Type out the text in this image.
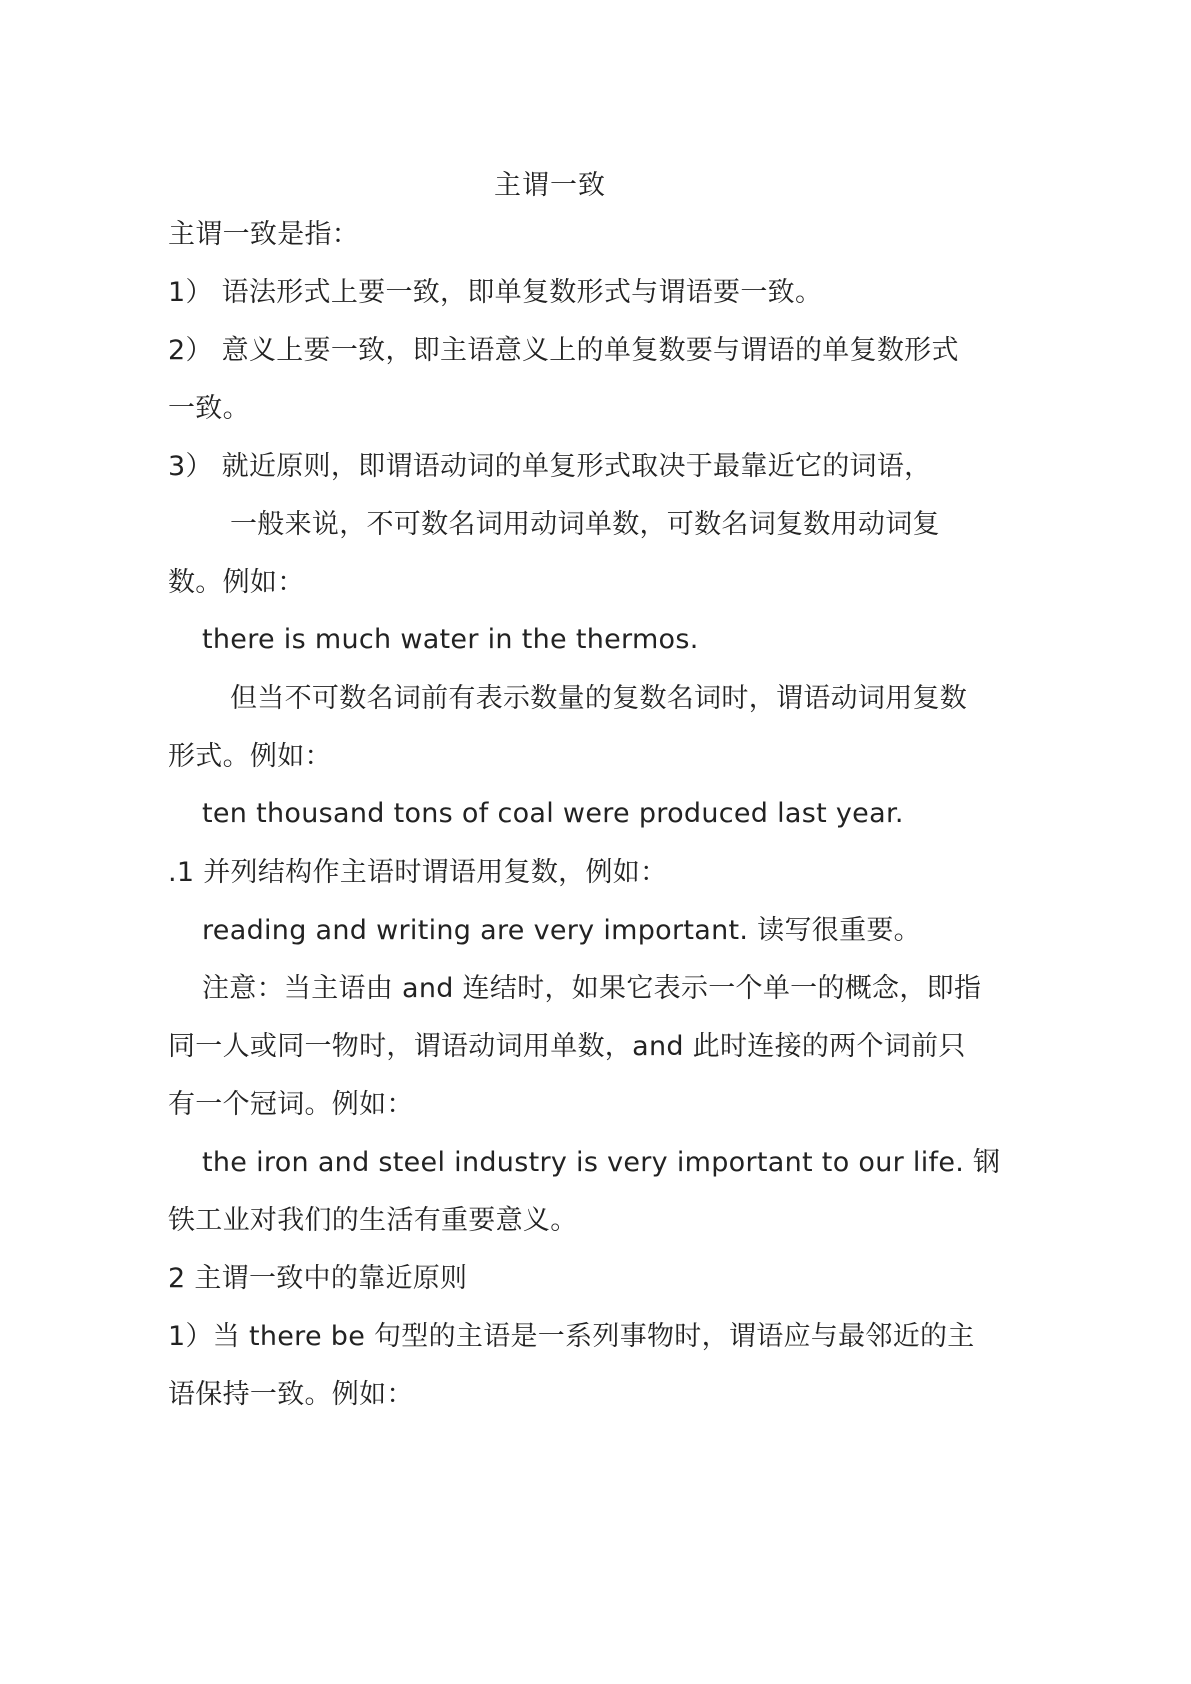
主谓一致
主谓一致是指：
1） 语法形式上要一致，即单复数形式与谓语要一致。
2） 意义上要一致，即主语意义上的单复数要与谓语的单复数形式
一致。
3） 就近原则，即谓语动词的单复形式取决于最靠近它的词语，
一般来说，不可数名词用动词单数，可数名词复数用动词复
数。例如：
there is much water in the thermos.
但当不可数名词前有表示数量的复数名词时，谓语动词用复数
形式。例如：
ten thousand tons of coal were produced last year.
.1 并列结构作主语时谓语用复数，例如：
reading and writing are very important. 读写很重要。
注意：当主语由 and 连结时，如果它表示一个单一的概念，即指
同一人或同一物时，谓语动词用单数，and 此时连接的两个词前只
有一个冠词。例如：
the iron and steel industry is very important to our life. 钢
铁工业对我们的生活有重要意义。
2 主谓一致中的靠近原则
1）当 there be 句型的主语是一系列事物时，谓语应与最邻近的主
语保持一致。例如：
